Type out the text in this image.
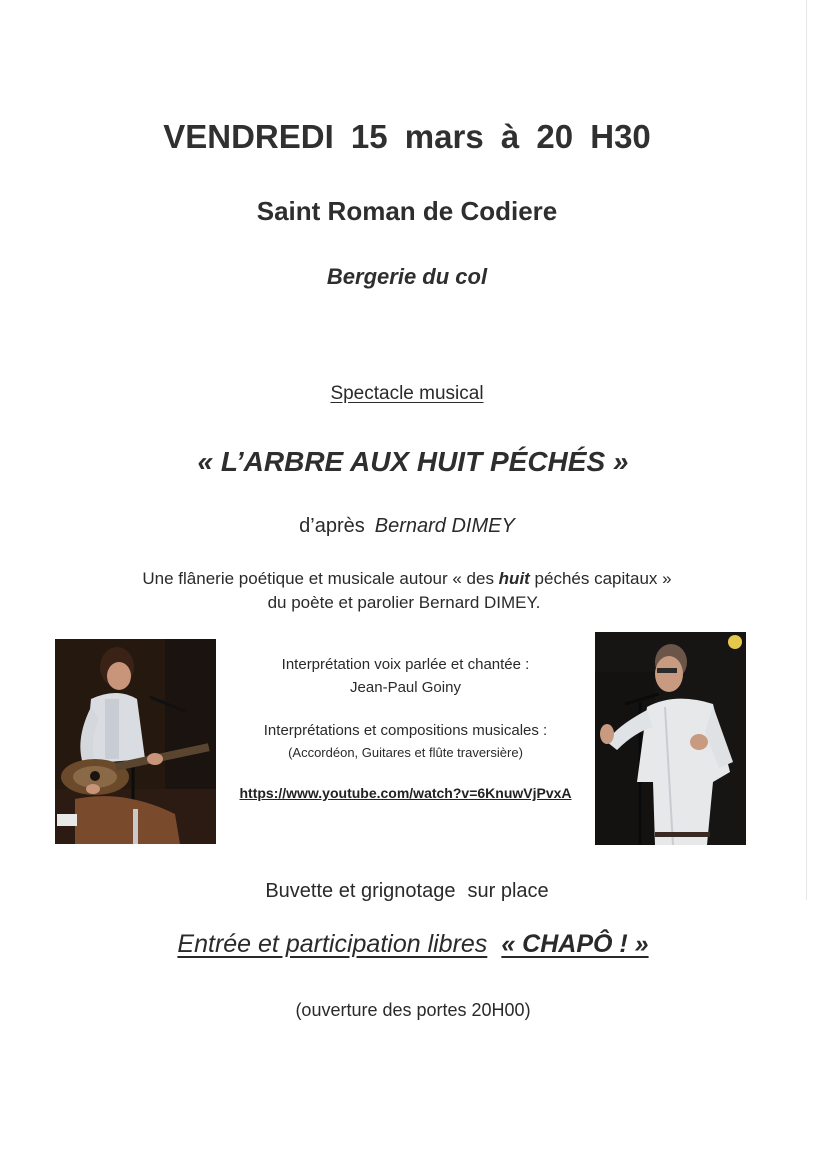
VENDREDI 15 mars à 20 H30
Saint Roman de Codiere
Bergerie du col
Spectacle musical
« L’ARBRE AUX HUIT PÉCHÉS »
d’après Bernard DIMEY
Une flânerie poétique et musicale autour « des huit péchés capitaux »
du poète et parolier Bernard DIMEY.
Interprétation voix parlée et chantée :
Jean-Paul Goiny
Interprétations et compositions musicales :
(Accordéon, Guitares et flûte traversière)
https://www.youtube.com/watch?v=6KnuwVjPvxA
Buvette et grignotage sur place
Entrée et participation libres « CHAPÔ ! »
(ouverture des portes 20H00)
